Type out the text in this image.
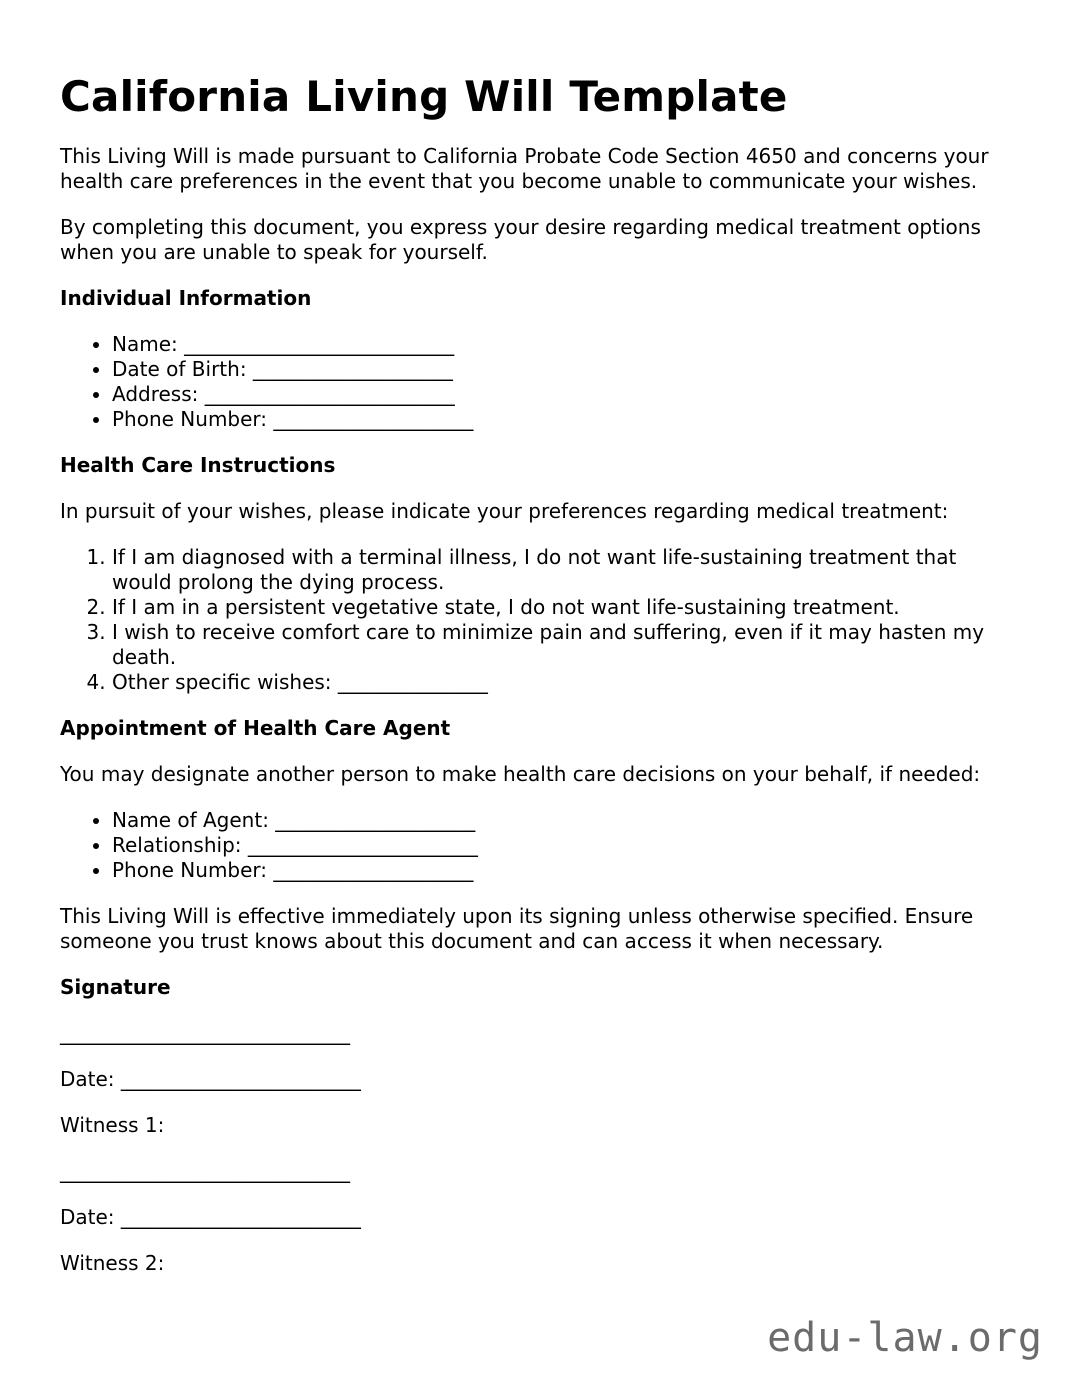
California Living Will Template

This Living Will is made pursuant to California Probate Code Section 4650 and concerns your health care preferences in the event that you become unable to communicate your wishes.

By completing this document, you express your desire regarding medical treatment options when you are unable to speak for yourself.

Individual Information
• Name: ___________________________
• Date of Birth: ____________________
• Address: _________________________
• Phone Number: ____________________
Health Care Instructions

In pursuit of your wishes, please indicate your preferences regarding medical treatment:

1. If I am diagnosed with a terminal illness, I do not want life-sustaining treatment that would prolong the dying process.
2. If I am in a persistent vegetative state, I do not want life-sustaining treatment.
3. I wish to receive comfort care to minimize pain and suffering, even if it may hasten my death.
4. Other specific wishes: _______________
Appointment of Health Care Agent

You may designate another person to make health care decisions on your behalf, if needed:

• Name of Agent: ____________________
• Relationship: _______________________
• Phone Number: ____________________

This Living Will is effective immediately upon its signing unless otherwise specified. Ensure someone you trust knows about this document and can access it when necessary.

Signature
_____________________________
Date: ________________________
Witness 1:
_____________________________
Date: ________________________
Witness 2:
edu-law.org
